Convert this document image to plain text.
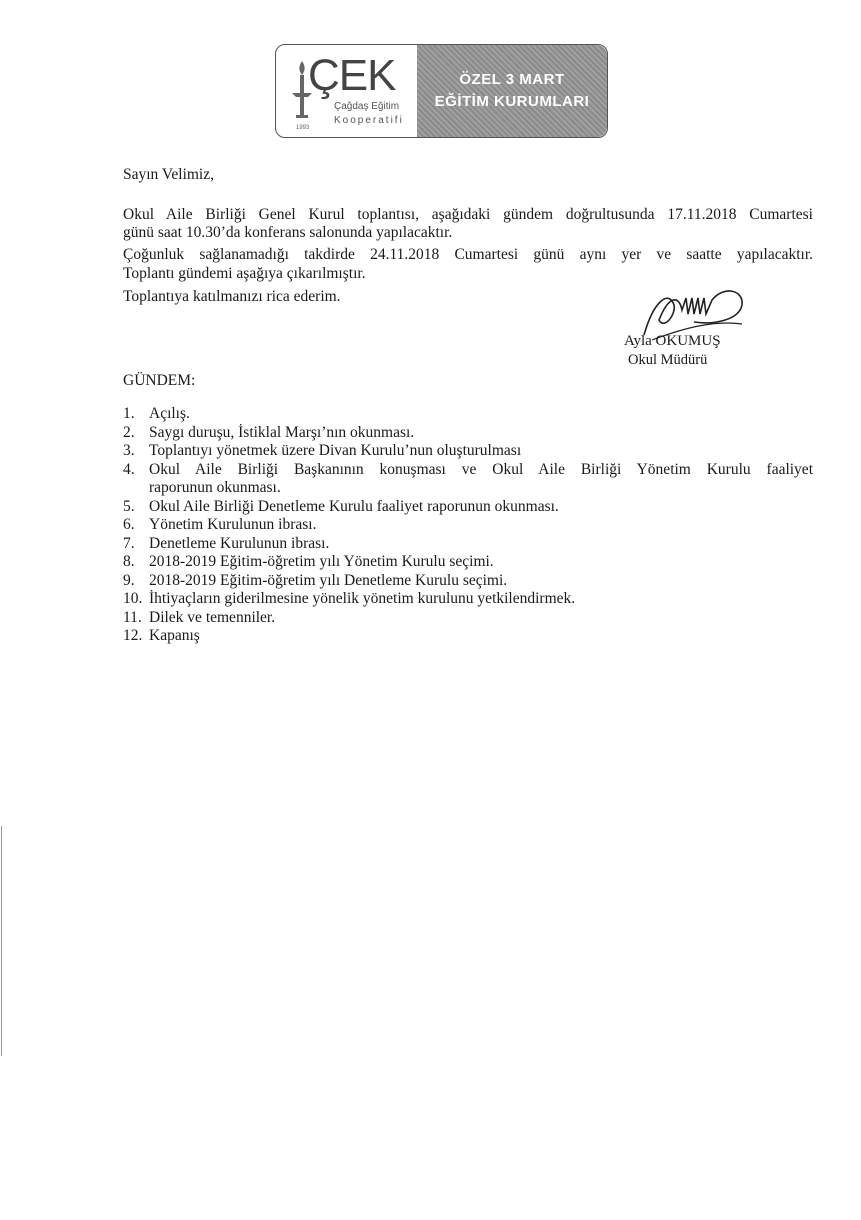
ÇEK
Çağdaş Eğitim
Kooperatifi
1993
ÖZEL 3 MART
EĞİTİM KURUMLARI
Sayın Velimiz,
Okul Aile Birliği Genel Kurul toplantısı, aşağıdaki gündem doğrultusunda 17.11.2018 Cumartesi
günü saat 10.30’da konferans salonunda yapılacaktır.
Çoğunluk sağlanamadığı takdirde 24.11.2018 Cumartesi günü aynı yer ve saatte yapılacaktır.
Toplantı gündemi aşağıya çıkarılmıştır.
Toplantıya katılmanızı rica ederim.
Ayla OKUMUŞ
Okul Müdürü
GÜNDEM:
1. Açılış.
2. Saygı duruşu, İstiklal Marşı’nın okunması.
3. Toplantıyı yönetmek üzere Divan Kurulu’nun oluşturulması
4. Okul Aile Birliği Başkanının konuşması ve Okul Aile Birliği Yönetim Kurulu faaliyet
raporunun okunması.
5. Okul Aile Birliği Denetleme Kurulu faaliyet raporunun okunması.
6. Yönetim Kurulunun ibrası.
7. Denetleme Kurulunun ibrası.
8. 2018-2019 Eğitim-öğretim yılı Yönetim Kurulu seçimi.
9. 2018-2019 Eğitim-öğretim yılı Denetleme Kurulu seçimi.
10. İhtiyaçların giderilmesine yönelik yönetim kurulunu yetkilendirmek.
11. Dilek ve temenniler.
12. Kapanış
